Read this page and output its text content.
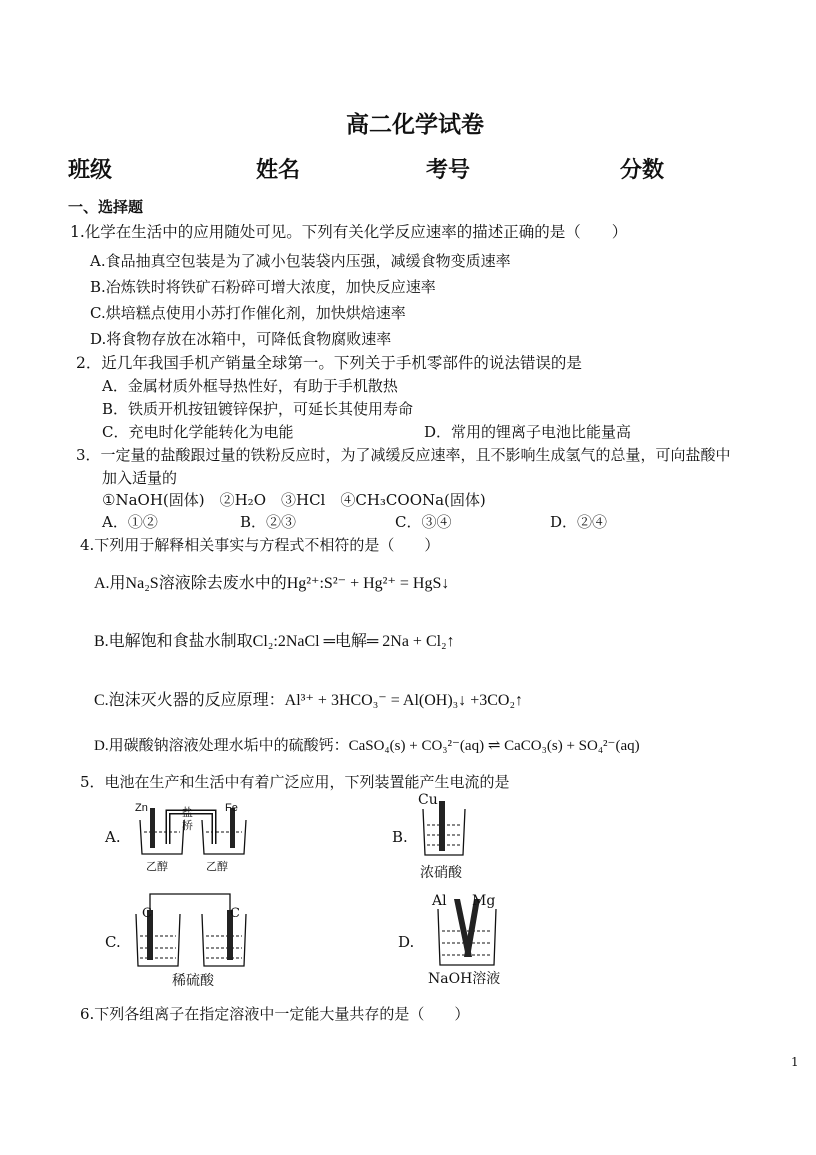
高二化学试卷
班级	姓名	考号	分数
一、选择题
1.化学在生活中的应用随处可见。下列有关化学反应速率的描述正确的是（　　）
A.食品抽真空包装是为了减小包装袋内压强，减缓食物变质速率
B.冶炼铁时将铁矿石粉碎可增大浓度，加快反应速率
C.烘培糕点使用小苏打作催化剂，加快烘焙速率
D.将食物存放在冰箱中，可降低食物腐败速率
2．近几年我国手机产销量全球第一。下列关于手机零部件的说法错误的是
A．金属材质外框导热性好，有助于手机散热
B．铁质开机按钮镀锌保护，可延长其使用寿命
C．充电时化学能转化为电能	D．常用的锂离子电池比能量高
3．一定量的盐酸跟过量的铁粉反应时，为了减缓反应速率，且不影响生成氢气的总量，可向盐酸中
加入适量的
①NaOH(固体)　②H₂O　③HCl　④CH₃COONa(固体)
A．①②	B．②③	C．③④	D．②④
4.下列用于解释相关事实与方程式不相符的是（　　）
A.用Na₂S溶液除去废水中的Hg²⁺:S²⁻ + Hg²⁺ = HgS↓
B.电解饱和食盐水制取Cl₂:2NaCl ═电解═ 2Na + Cl₂↑
C.泡沫灭火器的反应原理：Al³⁺ + 3HCO₃⁻ = Al(OH)₃↓ +3CO₂↑
D.用碳酸钠溶液处理水垢中的硫酸钙：CaSO₄(s) + CO₃²⁻(aq) ⇌ CaCO₃(s) + SO₄²⁻(aq)
5．电池在生产和生活中有着广泛应用，下列装置能产生电流的是
A.	B.
C.	D.
Zn	Fe
盐
桥
乙醇	乙醇
Cu
浓硝酸
C	C
稀硫酸
Al Mg
NaOH溶液
6.下列各组离子在指定溶液中一定能大量共存的是（　　）
1
